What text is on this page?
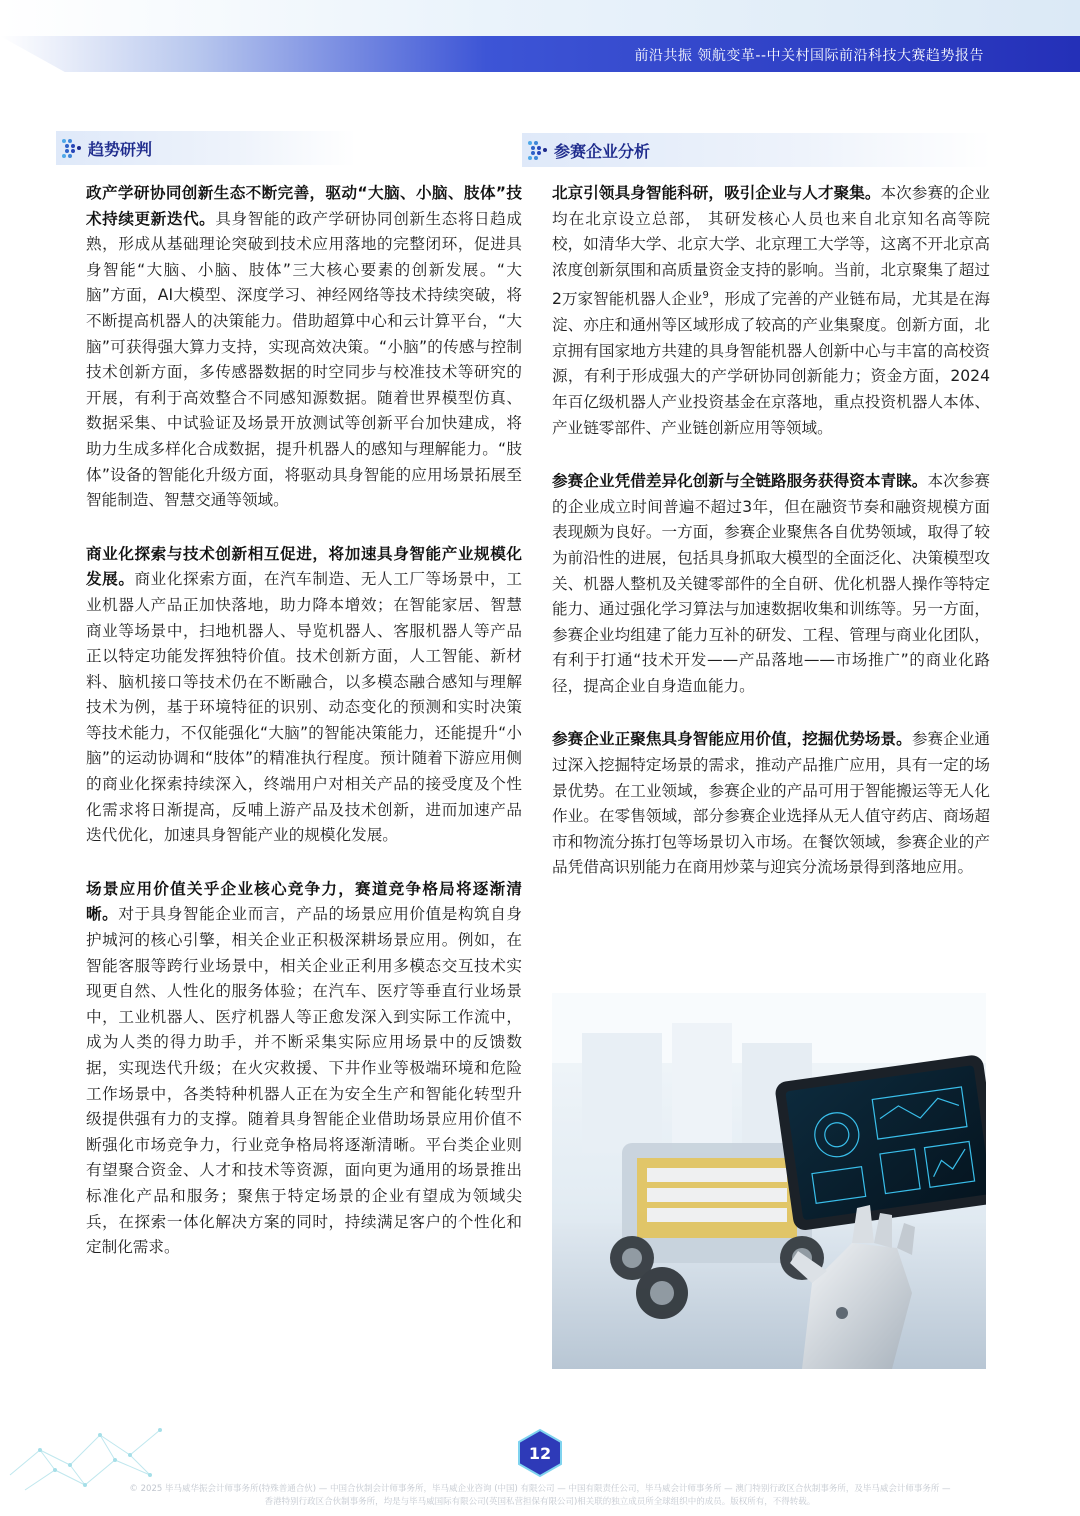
前沿共振 领航变革--中关村国际前沿科技大赛趋势报告
趋势研判	参赛企业分析

政产学研协同创新生态不断完善，驱动“大脑、小脑、肢体”技术持续更新迭代。具身智能的政产学研协同创新生态将日趋成熟，形成从基础理论突破到技术应用落地的完整闭环，促进具身智能“大脑、小脑、肢体”三大核心要素的创新发展。“大脑”方面，AI大模型、深度学习、神经网络等技术持续突破，将不断提高机器人的决策能力。借助超算中心和云计算平台，“大脑”可获得强大算力支持，实现高效决策。“小脑”的传感与控制技术创新方面，多传感器数据的时空同步与校准技术等研究的开展，有利于高效整合不同感知源数据。随着世界模型仿真、数据采集、中试验证及场景开放测试等创新平台加快建成，将助力生成多样化合成数据，提升机器人的感知与理解能力。“肢体”设备的智能化升级方面，将驱动具身智能的应用场景拓展至智能制造、智慧交通等领域。

商业化探索与技术创新相互促进，将加速具身智能产业规模化发展。商业化探索方面，在汽车制造、无人工厂等场景中，工业机器人产品正加快落地，助力降本增效；在智能家居、智慧商业等场景中，扫地机器人、导览机器人、客服机器人等产品正以特定功能发挥独特价值。技术创新方面，人工智能、新材料、脑机接口等技术仍在不断融合，以多模态融合感知与理解技术为例，基于环境特征的识别、动态变化的预测和实时决策等技术能力，不仅能强化“大脑”的智能决策能力，还能提升“小脑”的运动协调和“肢体”的精准执行程度。预计随着下游应用侧的商业化探索持续深入，终端用户对相关产品的接受度及个性化需求将日渐提高，反哺上游产品及技术创新，进而加速产品迭代优化，加速具身智能产业的规模化发展。

场景应用价值关乎企业核心竞争力，赛道竞争格局将逐渐清晰。对于具身智能企业而言，产品的场景应用价值是构筑自身护城河的核心引擎，相关企业正积极深耕场景应用。例如，在智能客服等跨行业场景中，相关企业正利用多模态交互技术实现更自然、人性化的服务体验；在汽车、医疗等垂直行业场景中，工业机器人、医疗机器人等正愈发深入到实际工作流中，成为人类的得力助手，并不断采集实际应用场景中的反馈数据，实现迭代升级；在火灾救援、下井作业等极端环境和危险工作场景中，各类特种机器人正在为安全生产和智能化转型升级提供强有力的支撑。随着具身智能企业借助场景应用价值不断强化市场竞争力，行业竞争格局将逐渐清晰。平台类企业则有望聚合资金、人才和技术等资源，面向更为通用的场景推出标准化产品和服务；聚焦于特定场景的企业有望成为领域尖兵，在探索一体化解决方案的同时，持续满足客户的个性化和定制化需求。

北京引领具身智能科研，吸引企业与人才聚集。本次参赛的企业均在北京设立总部， 其研发核心人员也来自北京知名高等院校，如清华大学、北京大学、北京理工大学等，这离不开北京高浓度创新氛围和高质量资金支持的影响。当前，北京聚集了超过2万家智能机器人企业$^9$，形成了完善的产业链布局，尤其是在海淀、亦庄和通州等区域形成了较高的产业集聚度。创新方面，北京拥有国家地方共建的具身智能机器人创新中心与丰富的高校资源，有利于形成强大的产学研协同创新能力；资金方面，2024年百亿级机器人产业投资基金在京落地，重点投资机器人本体、产业链零部件、产业链创新应用等领域。

参赛企业凭借差异化创新与全链路服务获得资本青睐。本次参赛的企业成立时间普遍不超过3年，但在融资节奏和融资规模方面表现颇为良好。一方面，参赛企业聚焦各自优势领域，取得了较为前沿性的进展，包括具身抓取大模型的全面泛化、决策模型攻关、机器人整机及关键零部件的全自研、优化机器人操作等特定能力、通过强化学习算法与加速数据收集和训练等。另一方面，参赛企业均组建了能力互补的研发、工程、管理与商业化团队，有利于打通“技术开发——产品落地——市场推广”的商业化路径，提高企业自身造血能力。

参赛企业正聚焦具身智能应用价值，挖掘优势场景。参赛企业通过深入挖掘特定场景的需求，推动产品推广应用，具有一定的场景优势。在工业领域，参赛企业的产品可用于智能搬运等无人化作业。在零售领域，部分参赛企业选择从无人值守药店、商场超市和物流分拣打包等场景切入市场。在餐饮领域，参赛企业的产品凭借高识别能力在商用炒菜与迎宾分流场景得到落地应用。

12
© 2025 毕马威华振会计师事务所(特殊普通合伙) — 中国合伙制会计师事务所，毕马威企业咨询 (中国) 有限公司 — 中国有限责任公司，毕马威会计师事务所 — 澳门特别行政区合伙制事务所，及毕马威会计师事务所 —
香港特别行政区合伙制事务所，均是与毕马威国际有限公司(英国私营担保有限公司)相关联的独立成员所全球组织中的成员。版权所有，不得转载。
